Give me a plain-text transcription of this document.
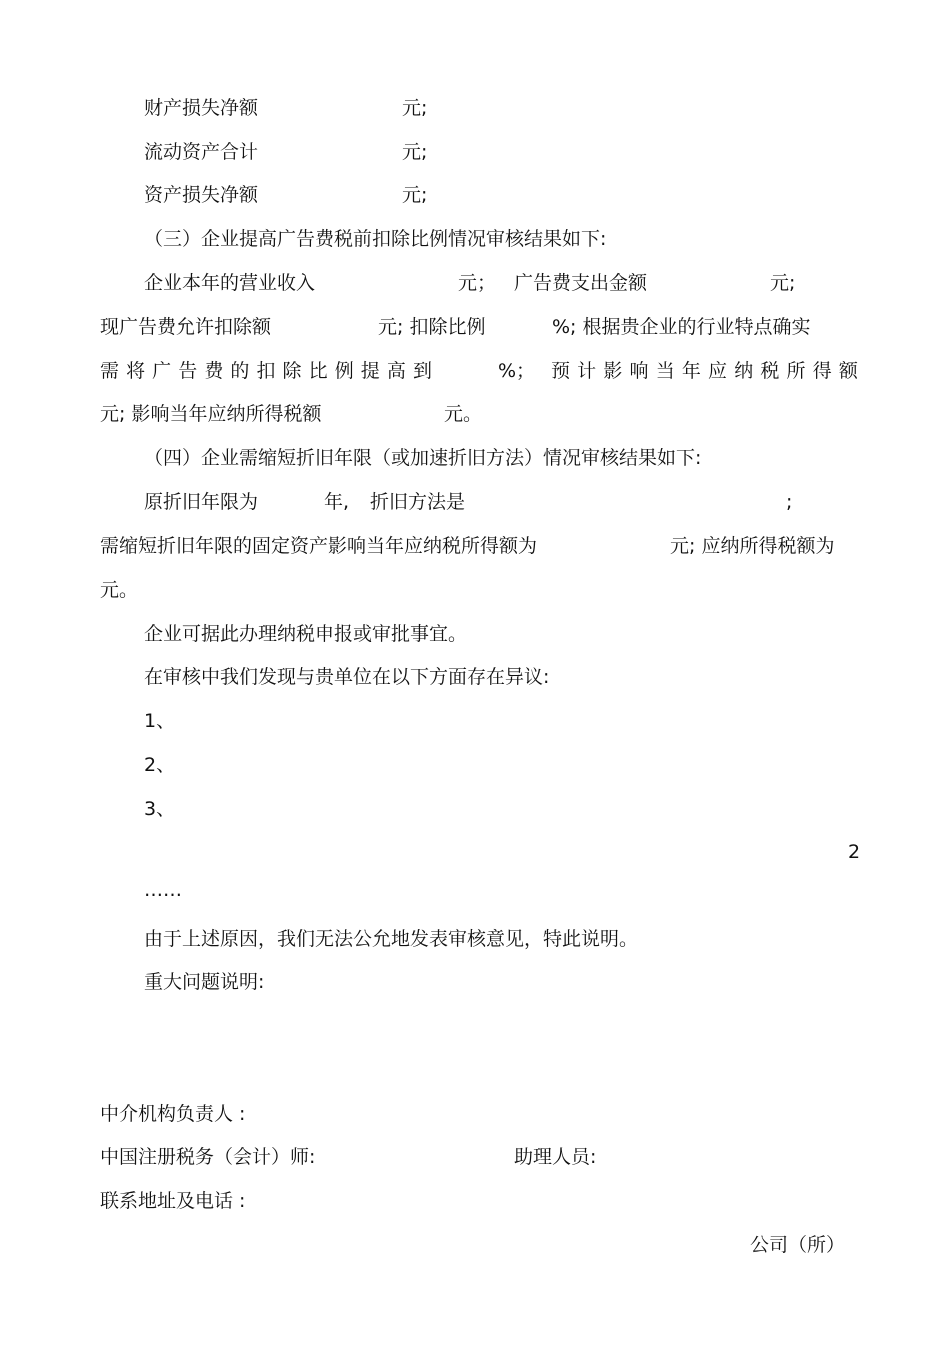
财产损失净额	元;
流动资产合计	元;
资产损失净额	元;
（三）企业提高广告费税前扣除比例情况审核结果如下:
企业本年的营业收入	元； 广告费支出金额	元;
现广告费允许扣除额	元; 扣除比例	%; 根据贵企业的行业特点确实
需 将 广 告 费 的 扣 除 比 例 提 高 到	%； 预 计 影 响 当 年 应 纳 税 所 得 额
元; 影响当年应纳所得税额	元。
（四）企业需缩短折旧年限（或加速折旧方法）情况审核结果如下:
原折旧年限为	年, 折旧方法是	;
需缩短折旧年限的固定资产影响当年应纳税所得额为	元; 应纳所得税额为
元。
企业可据此办理纳税申报或审批事宜。
在审核中我们发现与贵单位在以下方面存在异议:
1、
2、
3、
2
……
由于上述原因，我们无法公允地发表审核意见，特此说明。
重大问题说明:
中介机构负责人 :
中国注册税务（会计）师:	助理人员:
联系地址及电话 :
公司（所）
